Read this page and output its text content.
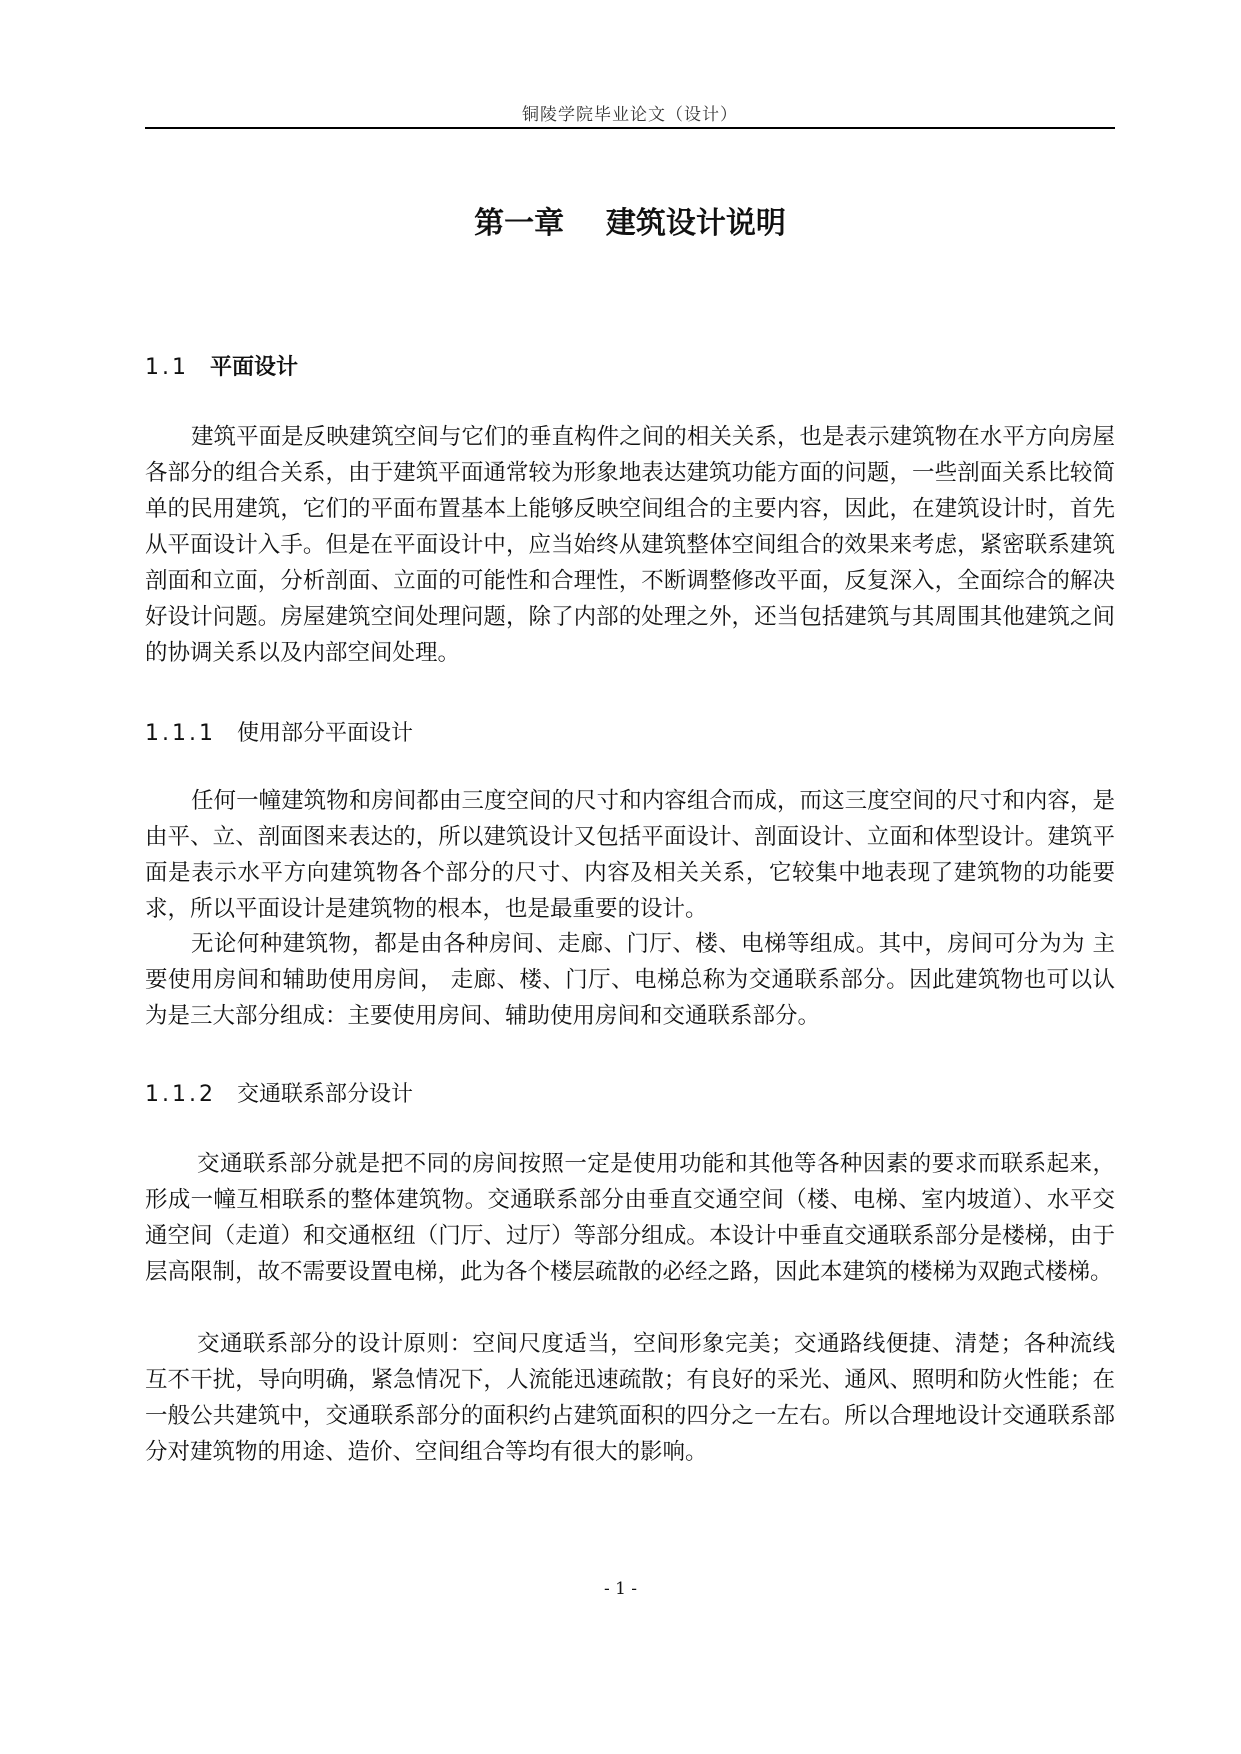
铜陵学院毕业论文（设计）
第一章    建筑设计说明
1.1 平面设计

建筑平面是反映建筑空间与它们的垂直构件之间的相关关系，也是表示建筑物在水平方向房屋各部分的组合关系，由于建筑平面通常较为形象地表达建筑功能方面的问题，一些剖面关系比较简单的民用建筑，它们的平面布置基本上能够反映空间组合的主要内容，因此，在建筑设计时，首先从平面设计入手。但是在平面设计中，应当始终从建筑整体空间组合的效果来考虑，紧密联系建筑剖面和立面，分析剖面、立面的可能性和合理性，不断调整修改平面，反复深入，全面综合的解决好设计问题。房屋建筑空间处理问题，除了内部的处理之外，还当包括建筑与其周围其他建筑之间的协调关系以及内部空间处理。

1.1.1 使用部分平面设计

任何一幢建筑物和房间都由三度空间的尺寸和内容组合而成，而这三度空间的尺寸和内容，是由平、立、剖面图来表达的，所以建筑设计又包括平面设计、剖面设计、立面和体型设计。建筑平面是表示水平方向建筑物各个部分的尺寸、内容及相关关系，它较集中地表现了建筑物的功能要求，所以平面设计是建筑物的根本，也是最重要的设计。

无论何种建筑物，都是由各种房间、走廊、门厅、楼、电梯等组成。其中，房间可分为为 主要使用房间和辅助使用房间， 走廊、楼、门厅、电梯总称为交通联系部分。因此建筑物也可以认为是三大部分组成：主要使用房间、辅助使用房间和交通联系部分。

1.1.2 交通联系部分设计

交通联系部分就是把不同的房间按照一定是使用功能和其他等各种因素的要求而联系起来，形成一幢互相联系的整体建筑物。交通联系部分由垂直交通空间（楼、电梯、室内坡道）、水平交通空间（走道）和交通枢纽（门厅、过厅）等部分组成。本设计中垂直交通联系部分是楼梯，由于层高限制，故不需要设置电梯，此为各个楼层疏散的必经之路，因此本建筑的楼梯为双跑式楼梯。

交通联系部分的设计原则：空间尺度适当，空间形象完美；交通路线便捷、清楚；各种流线互不干扰，导向明确，紧急情况下，人流能迅速疏散；有良好的采光、通风、照明和防火性能；在一般公共建筑中，交通联系部分的面积约占建筑面积的四分之一左右。所以合理地设计交通联系部分对建筑物的用途、造价、空间组合等均有很大的影响。

- 1 -
